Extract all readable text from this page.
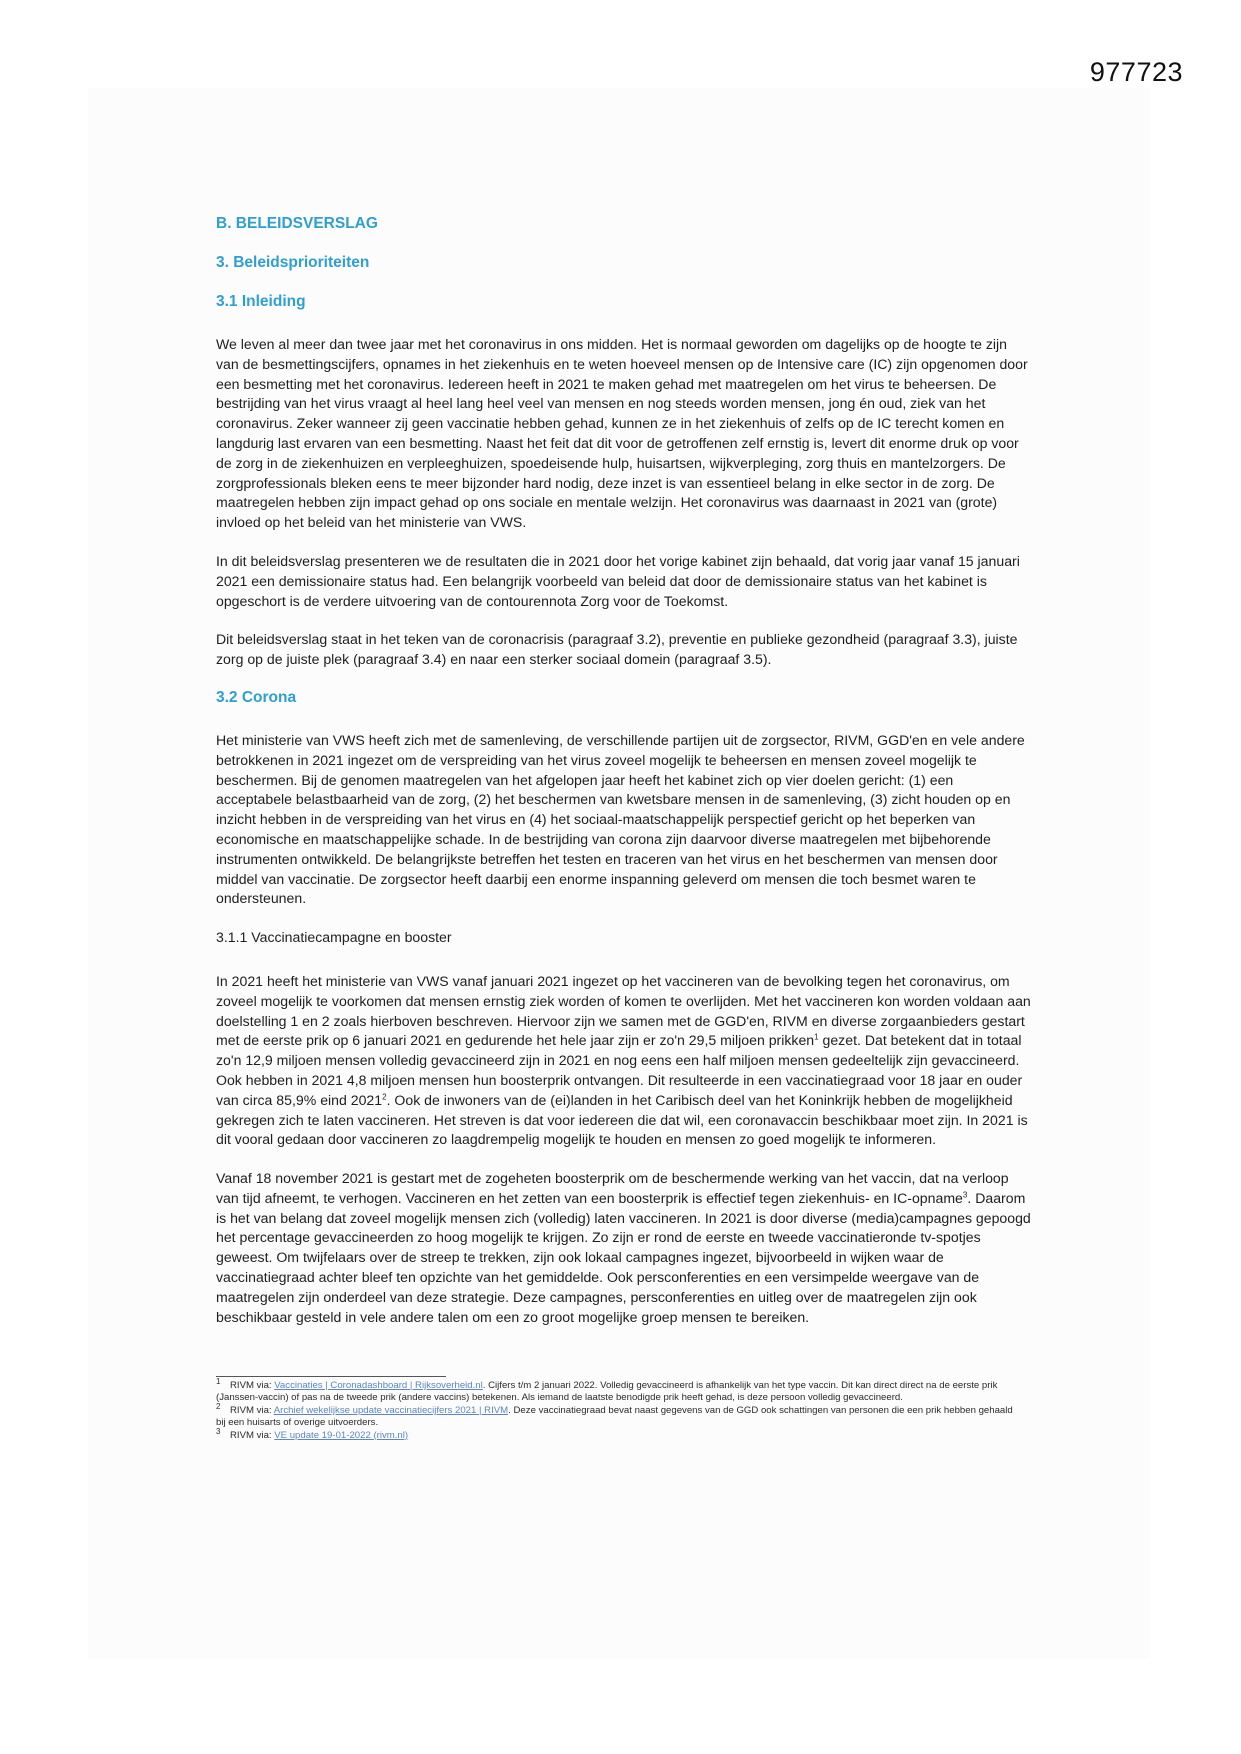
977723

B. BELEIDSVERSLAG

3. Beleidsprioriteiten

3.1 Inleiding

We leven al meer dan twee jaar met het coronavirus in ons midden. Het is normaal geworden om dagelijks op de hoogte te zijn van de besmettingscijfers, opnames in het ziekenhuis en te weten hoeveel mensen op de Intensive care (IC) zijn opgenomen door een besmetting met het coronavirus. Iedereen heeft in 2021 te maken gehad met maatregelen om het virus te beheersen. De bestrijding van het virus vraagt al heel lang heel veel van mensen en nog steeds worden mensen, jong én oud, ziek van het coronavirus. Zeker wanneer zij geen vaccinatie hebben gehad, kunnen ze in het ziekenhuis of zelfs op de IC terecht komen en langdurig last ervaren van een besmetting. Naast het feit dat dit voor de getroffenen zelf ernstig is, levert dit enorme druk op voor de zorg in de ziekenhuizen en verpleeghuizen, spoedeisende hulp, huisartsen, wijkverpleging, zorg thuis en mantelzorgers. De zorgprofessionals bleken eens te meer bijzonder hard nodig, deze inzet is van essentieel belang in elke sector in de zorg. De maatregelen hebben zijn impact gehad op ons sociale en mentale welzijn. Het coronavirus was daarnaast in 2021 van (grote) invloed op het beleid van het ministerie van VWS.

In dit beleidsverslag presenteren we de resultaten die in 2021 door het vorige kabinet zijn behaald, dat vorig jaar vanaf 15 januari 2021 een demissionaire status had. Een belangrijk voorbeeld van beleid dat door de demissionaire status van het kabinet is opgeschort is de verdere uitvoering van de contourennota Zorg voor de Toekomst.

Dit beleidsverslag staat in het teken van de coronacrisis (paragraaf 3.2), preventie en publieke gezondheid (paragraaf 3.3), juiste zorg op de juiste plek (paragraaf 3.4) en naar een sterker sociaal domein (paragraaf 3.5).

3.2 Corona

Het ministerie van VWS heeft zich met de samenleving, de verschillende partijen uit de zorgsector, RIVM, GGD'en en vele andere betrokkenen in 2021 ingezet om de verspreiding van het virus zoveel mogelijk te beheersen en mensen zoveel mogelijk te beschermen. Bij de genomen maatregelen van het afgelopen jaar heeft het kabinet zich op vier doelen gericht: (1) een acceptabele belastbaarheid van de zorg, (2) het beschermen van kwetsbare mensen in de samenleving, (3) zicht houden op en inzicht hebben in de verspreiding van het virus en (4) het sociaal-maatschappelijk perspectief gericht op het beperken van economische en maatschappelijke schade. In de bestrijding van corona zijn daarvoor diverse maatregelen met bijbehorende instrumenten ontwikkeld. De belangrijkste betreffen het testen en traceren van het virus en het beschermen van mensen door middel van vaccinatie. De zorgsector heeft daarbij een enorme inspanning geleverd om mensen die toch besmet waren te ondersteunen.

3.1.1 Vaccinatiecampagne en booster

In 2021 heeft het ministerie van VWS vanaf januari 2021 ingezet op het vaccineren van de bevolking tegen het coronavirus, om zoveel mogelijk te voorkomen dat mensen ernstig ziek worden of komen te overlijden. Met het vaccineren kon worden voldaan aan doelstelling 1 en 2 zoals hierboven beschreven. Hiervoor zijn we samen met de GGD'en, RIVM en diverse zorgaanbieders gestart met de eerste prik op 6 januari 2021 en gedurende het hele jaar zijn er zo'n 29,5 miljoen prikken$^1$ gezet. Dat betekent dat in totaal zo'n 12,9 miljoen mensen volledig gevaccineerd zijn in 2021 en nog eens een half miljoen mensen gedeeltelijk zijn gevaccineerd. Ook hebben in 2021 4,8 miljoen mensen hun boosterprik ontvangen. Dit resulteerde in een vaccinatiegraad voor 18 jaar en ouder van circa 85,9% eind 2021$^2$. Ook de inwoners van de (ei)landen in het Caribisch deel van het Koninkrijk hebben de mogelijkheid gekregen zich te laten vaccineren. Het streven is dat voor iedereen die dat wil, een coronavaccin beschikbaar moet zijn. In 2021 is dit vooral gedaan door vaccineren zo laagdrempelig mogelijk te houden en mensen zo goed mogelijk te informeren.

Vanaf 18 november 2021 is gestart met de zogeheten boosterprik om de beschermende werking van het vaccin, dat na verloop van tijd afneemt, te verhogen. Vaccineren en het zetten van een boosterprik is effectief tegen ziekenhuis- en IC-opname$^3$. Daarom is het van belang dat zoveel mogelijk mensen zich (volledig) laten vaccineren. In 2021 is door diverse (media)campagnes gepoogd het percentage gevaccineerden zo hoog mogelijk te krijgen. Zo zijn er rond de eerste en tweede vaccinatieronde tv-spotjes geweest. Om twijfelaars over de streep te trekken, zijn ook lokaal campagnes ingezet, bijvoorbeeld in wijken waar de vaccinatiegraad achter bleef ten opzichte van het gemiddelde. Ook persconferenties en een versimpelde weergave van de maatregelen zijn onderdeel van deze strategie. Deze campagnes, persconferenties en uitleg over de maatregelen zijn ook beschikbaar gesteld in vele andere talen om een zo groot mogelijke groep mensen te bereiken.

$^1$ RIVM via: Vaccinaties | Coronadashboard | Rijksoverheid.nl. Cijfers t/m 2 januari 2022. Volledig gevaccineerd is afhankelijk van het type vaccin. Dit kan direct direct na de eerste prik (Janssen-vaccin) of pas na de tweede prik (andere vaccins) betekenen. Als iemand de laatste benodigde prik heeft gehad, is deze persoon volledig gevaccineerd.

$^2$ RIVM via: Archief wekelijkse update vaccinatiecijfers 2021 | RIVM. Deze vaccinatiegraad bevat naast gegevens van de GGD ook schattingen van personen die een prik hebben gehaald bij een huisarts of overige uitvoerders.

$^3$ RIVM via: VE update 19-01-2022 (rivm.nl)
